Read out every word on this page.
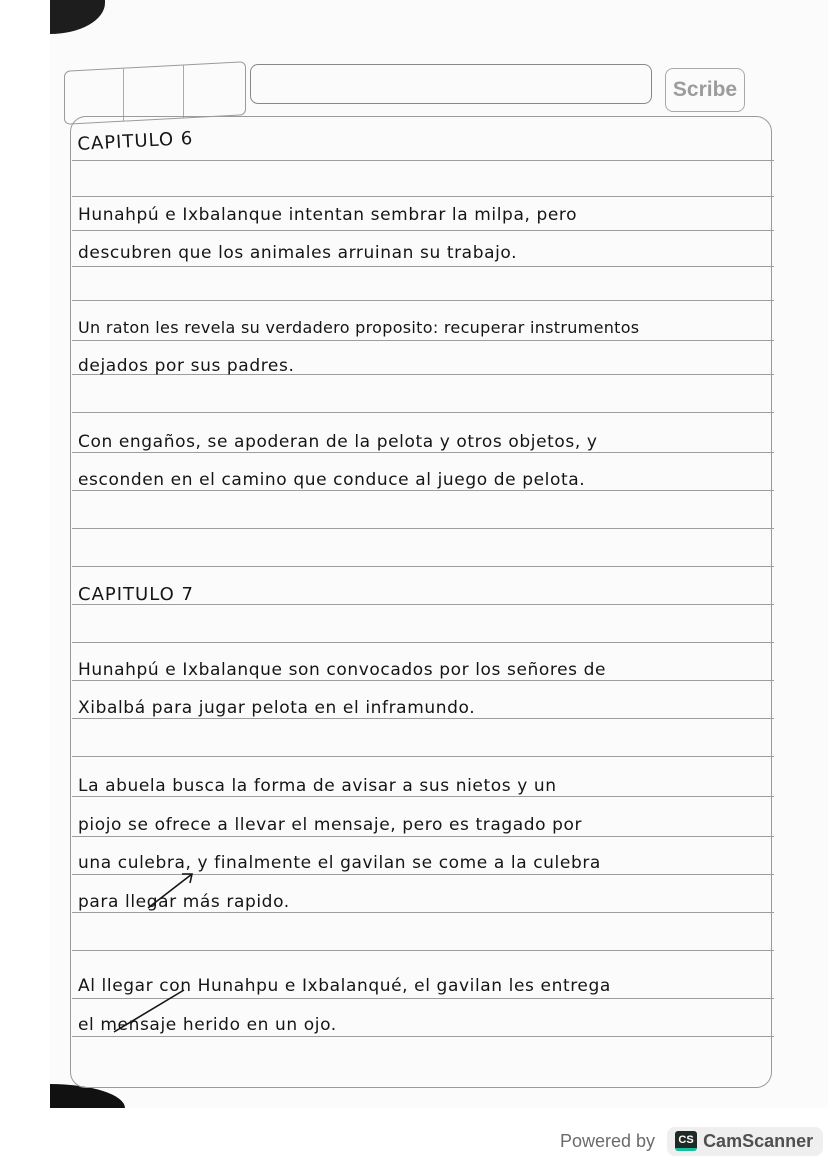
Scribe
CAPITULO 6
Hunahpú e Ixbalanque intentan sembrar la milpa, pero
descubren que los animales arruinan su trabajo.
Un raton les revela su verdadero proposito: recuperar instrumentos
dejados por sus padres.
Con engaños, se apoderan de la pelota y otros objetos, y
esconden en el camino que conduce al juego de pelota.
CAPITULO 7
Hunahpú e Ixbalanque son convocados por los señores de
Xibalbá para jugar pelota en el inframundo.
La abuela busca la forma de avisar a sus nietos y un
piojo se ofrece a llevar el mensaje, pero es tragado por
una culebra, y finalmente el gavilan se come a la culebra
para llegar más rapido.
Al llegar con Hunahpu e Ixbalanqué, el gavilan les entrega
el mensaje herido en un ojo.
Powered by	CS CamScanner
